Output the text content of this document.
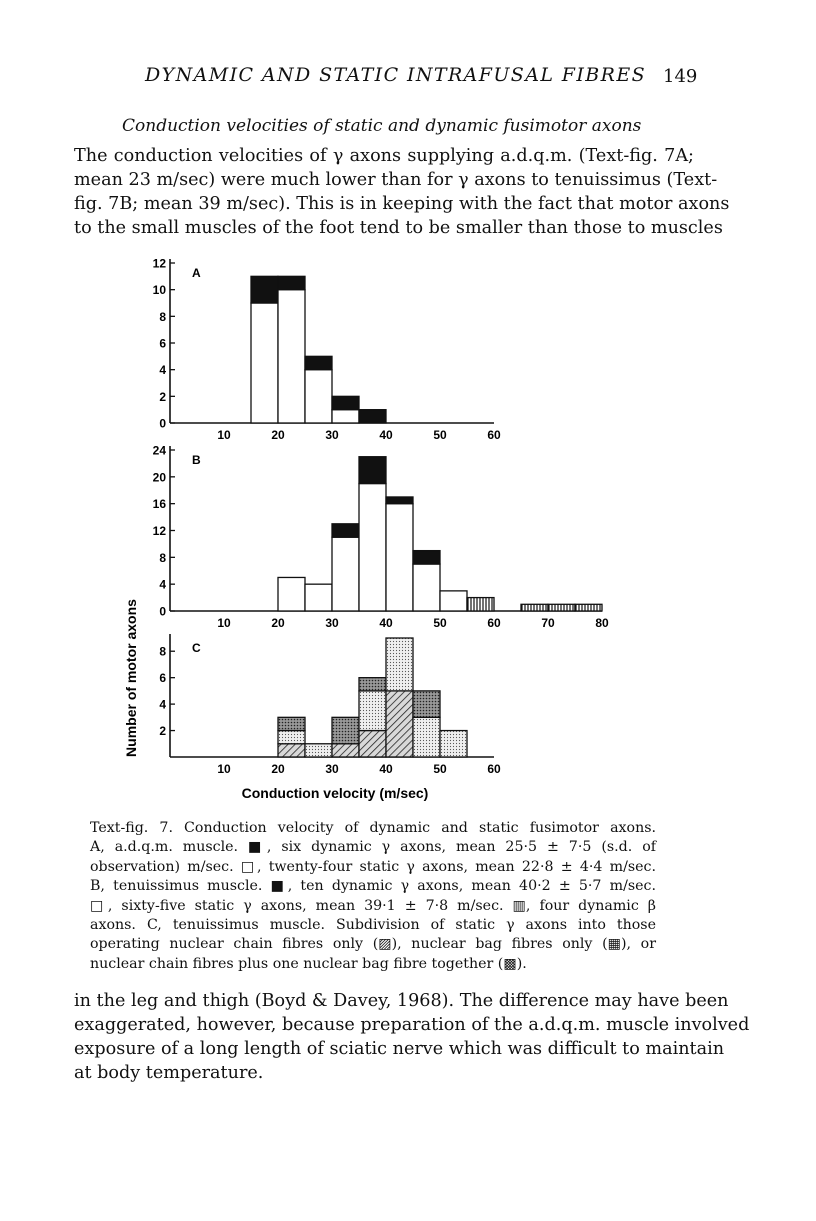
DYNAMIC AND STATIC INTRAFUSAL FIBRES 149
Conduction velocities of static and dynamic fusimotor axons

The conduction velocities of γ axons supplying a.d.q.m. (Text-fig. 7A;
mean 23 m/sec) were much lower than for γ axons to tenuissimus (Text-
fig. 7B; mean 39 m/sec). This is in keeping with the fact that motor axons
to the small muscles of the foot tend to be smaller than those to muscles

0
2
4
6
8
10
12
10	20	30	40	50	60
A
0
4
8
12
16
20
24
10	20	30	40	50	60	70	80
B
2
4
6
8
10	20	30	40	50	60
C
Number of motor axons
Conduction velocity (m/sec)

Text-fig. 7. Conduction velocity of dynamic and static fusimotor axons.
A, a.d.q.m. muscle. ■, six dynamic γ axons, mean 25·5 ± 7·5 (s.d. of
observation) m/sec. □, twenty-four static γ axons, mean 22·8 ± 4·4 m/sec.
B, tenuissimus muscle. ■, ten dynamic γ axons, mean 40·2 ± 5·7 m/sec.
□, sixty-five static γ axons, mean 39·1 ± 7·8 m/sec. ▥, four dynamic β
axons. C, tenuissimus muscle. Subdivision of static γ axons into those
operating nuclear chain fibres only (▨), nuclear bag fibres only (▦), or
nuclear chain fibres plus one nuclear bag fibre together (▩).

in the leg and thigh (Boyd & Davey, 1968). The difference may have been
exaggerated, however, because preparation of the a.d.q.m. muscle involved
exposure of a long length of sciatic nerve which was difficult to maintain
at body temperature.
